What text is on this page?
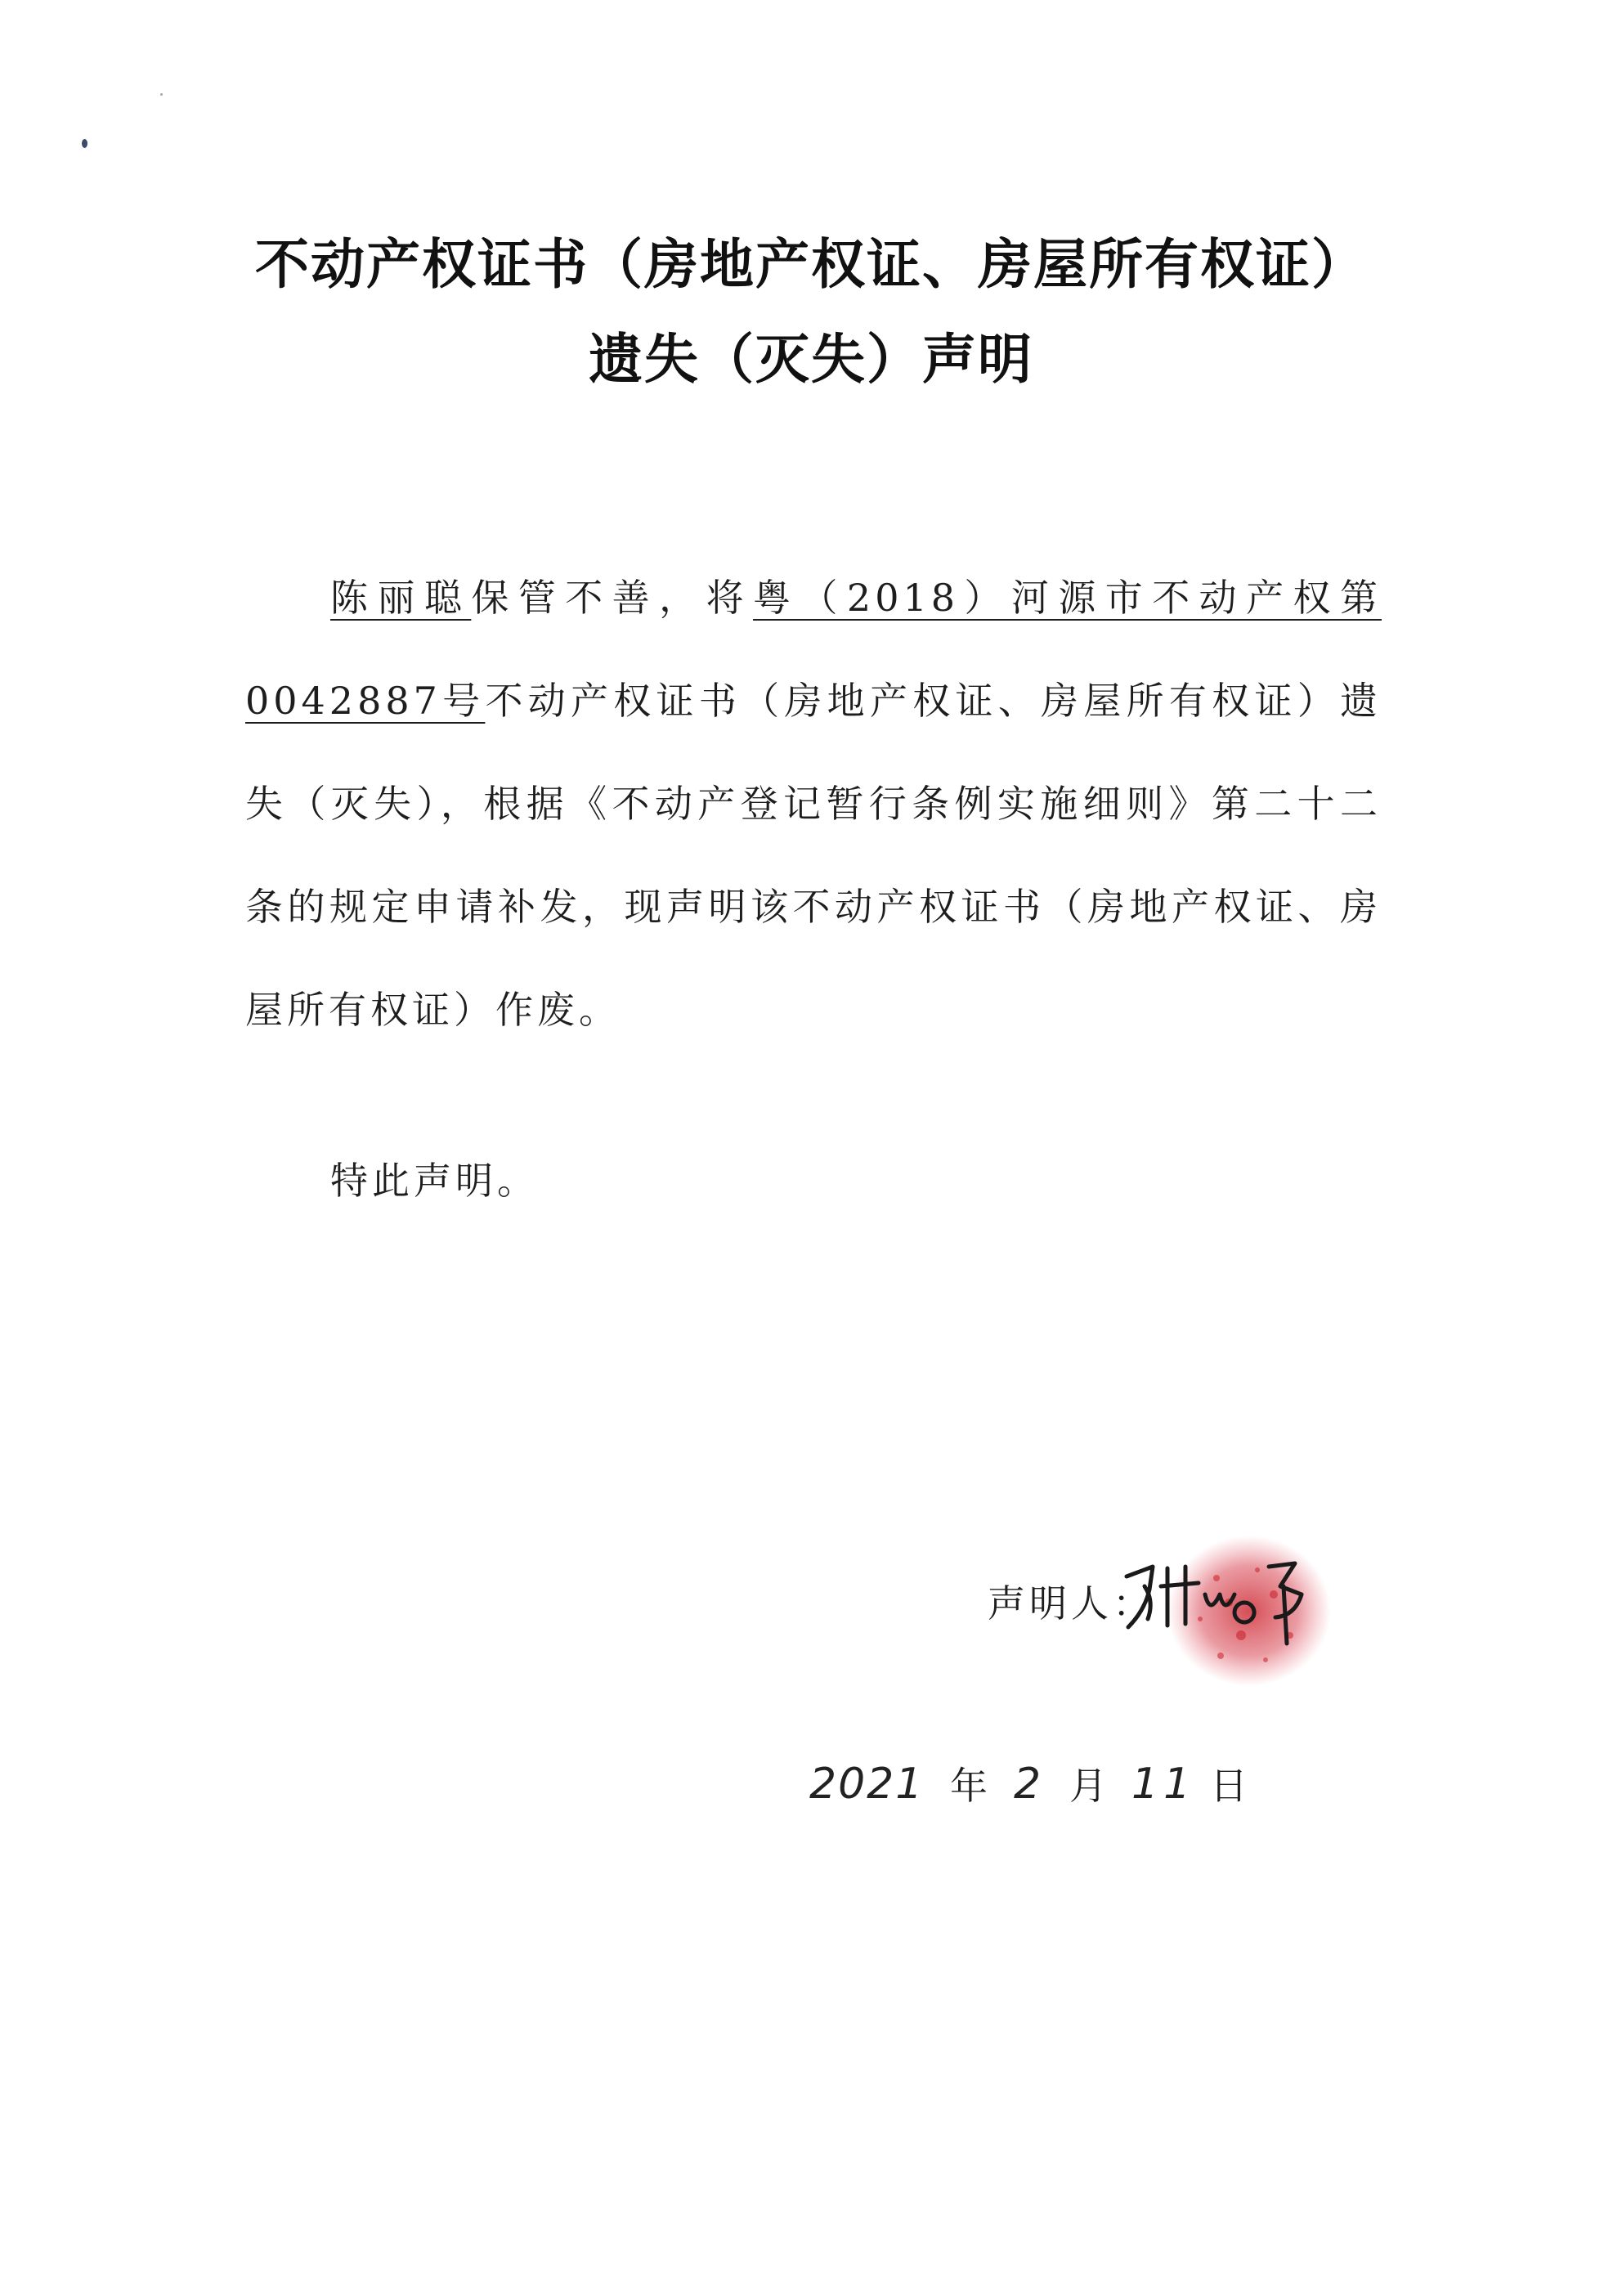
不动产权证书（房地产权证、房屋所有权证）
遗失（灭失）声明
陈丽聪保管不善，将粤（2018）河源市不动产权第0042887号不动产权证书（房地产权证、房屋所有权证）遗失（灭失），根据《不动产登记暂行条例实施细则》第二十二条的规定申请补发，现声明该不动产权证书（房地产权证、房屋所有权证）作废。
特此声明。
声明人：
2021 年 2 月 11 日
